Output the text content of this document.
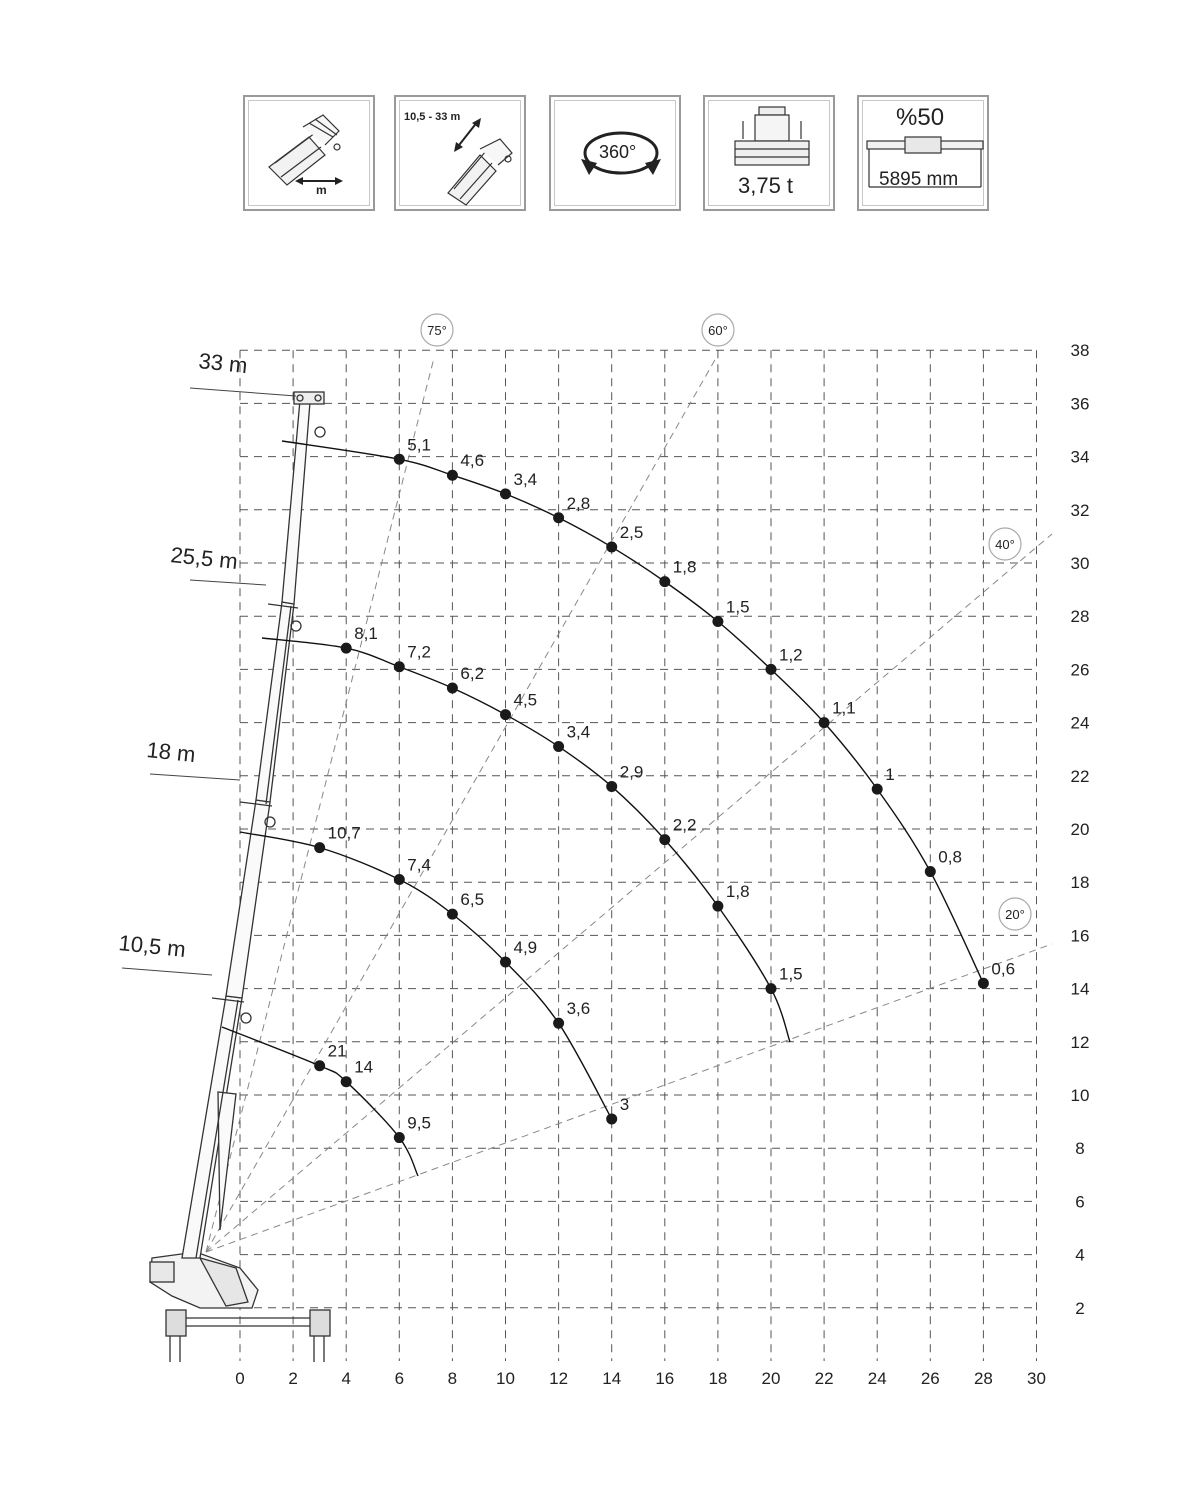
m
10,5 - 33 m
360°
3,75 t
%50
5895 mm
75°	60°
40°
20°
5,1
4,6
3,4
2,8
2,5
1,8
1,5
1,2
1,1
1
0,8
0,6
8,1
7,2
6,2
4,5
3,4
2,9
2,2
1,8
1,5
10,7
7,4
6,5
4,9
3,6
3
21
14
9,5
0	2	4	6	8 10 12 14 16 18 20 22 24 26 28 30
2
4
6
8
10
12
14
16
18
20
22
24
26
28
30
32
34
36
38
33 m
25,5 m
18 m
10,5 m
